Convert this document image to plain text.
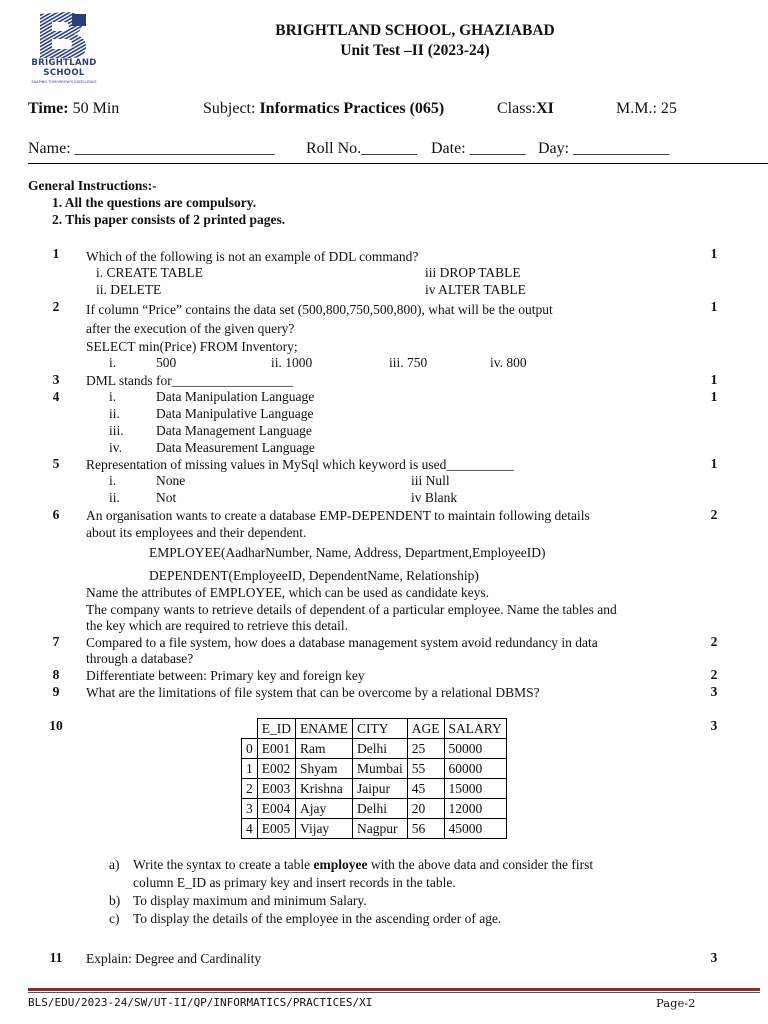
BRIGHTLAND
SCHOOL
SHAPING TOMORROW'S EXCELLENCE
BRIGHTLAND SCHOOL, GHAZIABAD
Unit Test –II (2023-24)
Time: 50 Min	Subject: Informatics Practices (065)	Class:XI	M.M.: 25
Name: _________________________ Roll No._______ Date: _______ Day: ____________
General Instructions:-
1. All the questions are compulsory.
2. This paper consists of 2 printed pages.
1	Which of the following is not an example of DDL command?	1
i. CREATE TABLE	iii DROP TABLE
ii. DELETE	iv ALTER TABLE
2	If column “Price” contains the data set (500,800,750,500,800), what will be the output	1
after the execution of the given query?
SELECT min(Price) FROM Inventory;
i.	500	ii. 1000	iii. 750	iv. 800
3	DML stands for__________________	1
4	1
i.	Data Manipulation Language
ii.	Data Manipulative Language
iii. Data Management Language
iv.	Data Measurement Language
5	Representation of missing values in MySql which keyword is used__________	1
i.	None	iii Null
ii.	Not	iv Blank
6	An organisation wants to create a database EMP-DEPENDENT to maintain following details	2
about its employees and their dependent.
EMPLOYEE(AadharNumber, Name, Address, Department,EmployeeID)
DEPENDENT(EmployeeID, DependentName, Relationship)
Name the attributes of EMPLOYEE, which can be used as candidate keys.
The company wants to retrieve details of dependent of a particular employee. Name the tables and
the key which are required to retrieve this detail.
7	Compared to a file system, how does a database management system avoid redundancy in data	2
through a database?
8	Differentiate between: Primary key and foreign key	2
9	What are the limitations of file system that can be overcome by a relational DBMS?	3
10	3
	E_ID	ENAME	CITY	AGE	SALARY
0	E001	Ram	Delhi	25	50000
1	E002	Shyam	Mumbai	55	60000
2	E003	Krishna	Jaipur	45	15000
3	E004	Ajay	Delhi	20	12000
4	E005	Vijay	Nagpur	56	45000
a) Write the syntax to create a table employee with the above data and consider the first
column E_ID as primary key and insert records in the table.
b) To display maximum and minimum Salary.
c) To display the details of the employee in the ascending order of age.
11 Explain: Degree and Cardinality	3
BLS/EDU/2023-24/SW/UT-II/QP/INFORMATICS/PRACTICES/XI	Page-2
